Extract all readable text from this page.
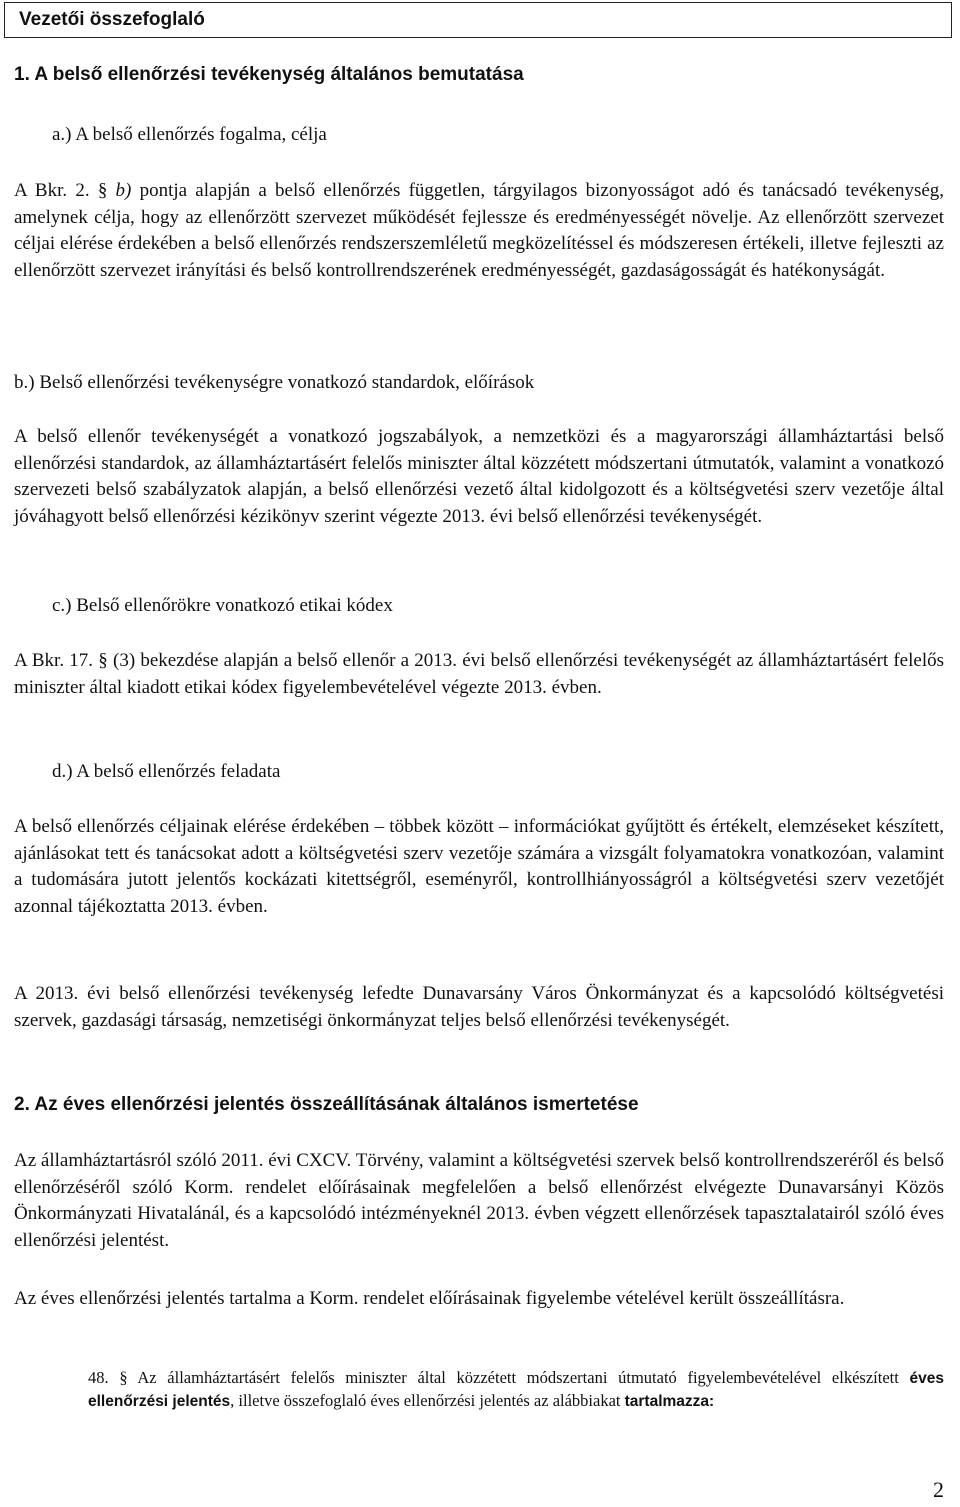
Vezetői összefoglaló
1. A belső ellenőrzési tevékenység általános bemutatása
a.) A belső ellenőrzés fogalma, célja

A Bkr. 2. § b) pontja alapján a belső ellenőrzés független, tárgyilagos bizonyosságot adó és tanácsadó tevékenység, amelynek célja, hogy az ellenőrzött szervezet működését fejlessze és eredményességét növelje. Az ellenőrzött szervezet céljai elérése érdekében a belső ellenőrzés rendszerszemléletű megközelítéssel és módszeresen értékeli, illetve fejleszti az ellenőrzött szervezet irányítási és belső kontrollrendszerének eredményességét, gazdaságosságát és hatékonyságát.

b.) Belső ellenőrzési tevékenységre vonatkozó standardok, előírások

A belső ellenőr tevékenységét a vonatkozó jogszabályok, a nemzetközi és a magyarországi államháztartási belső ellenőrzési standardok, az államháztartásért felelős miniszter által közzétett módszertani útmutatók, valamint a vonatkozó szervezeti belső szabályzatok alapján, a belső ellenőrzési vezető által kidolgozott és a költségvetési szerv vezetője által jóváhagyott belső ellenőrzési kézikönyv szerint végezte 2013. évi belső ellenőrzési tevékenységét.

c.) Belső ellenőrökre vonatkozó etikai kódex

A Bkr. 17. § (3) bekezdése alapján a belső ellenőr a 2013. évi belső ellenőrzési tevékenységét az államháztartásért felelős miniszter által kiadott etikai kódex figyelembevételével végezte 2013. évben.

d.) A belső ellenőrzés feladata

A belső ellenőrzés céljainak elérése érdekében – többek között – információkat gyűjtött és értékelt, elemzéseket készített, ajánlásokat tett és tanácsokat adott a költségvetési szerv vezetője számára a vizsgált folyamatokra vonatkozóan, valamint a tudomására jutott jelentős kockázati kitettségről, eseményről, kontrollhiányosságról a költségvetési szerv vezetőjét azonnal tájékoztatta 2013. évben.

A 2013. évi belső ellenőrzési tevékenység lefedte Dunavarsány Város Önkormányzat és a kapcsolódó költségvetési szervek, gazdasági társaság, nemzetiségi önkormányzat teljes belső ellenőrzési tevékenységét.

2. Az éves ellenőrzési jelentés összeállításának általános ismertetése

Az államháztartásról szóló 2011. évi CXCV. Törvény, valamint a költségvetési szervek belső kontrollrendszeréről és belső ellenőrzéséről szóló Korm. rendelet előírásainak megfelelően a belső ellenőrzést elvégezte Dunavarsányi Közös Önkormányzati Hivatalánál, és a kapcsolódó intézményeknél 2013. évben végzett ellenőrzések tapasztalatairól szóló éves ellenőrzési jelentést.

Az éves ellenőrzési jelentés tartalma a Korm. rendelet előírásainak figyelembe vételével került összeállításra.

48. § Az államháztartásért felelős miniszter által közzétett módszertani útmutató figyelembevételével elkészített éves ellenőrzési jelentés, illetve összefoglaló éves ellenőrzési jelentés az alábbiakat tartalmazza:

2
